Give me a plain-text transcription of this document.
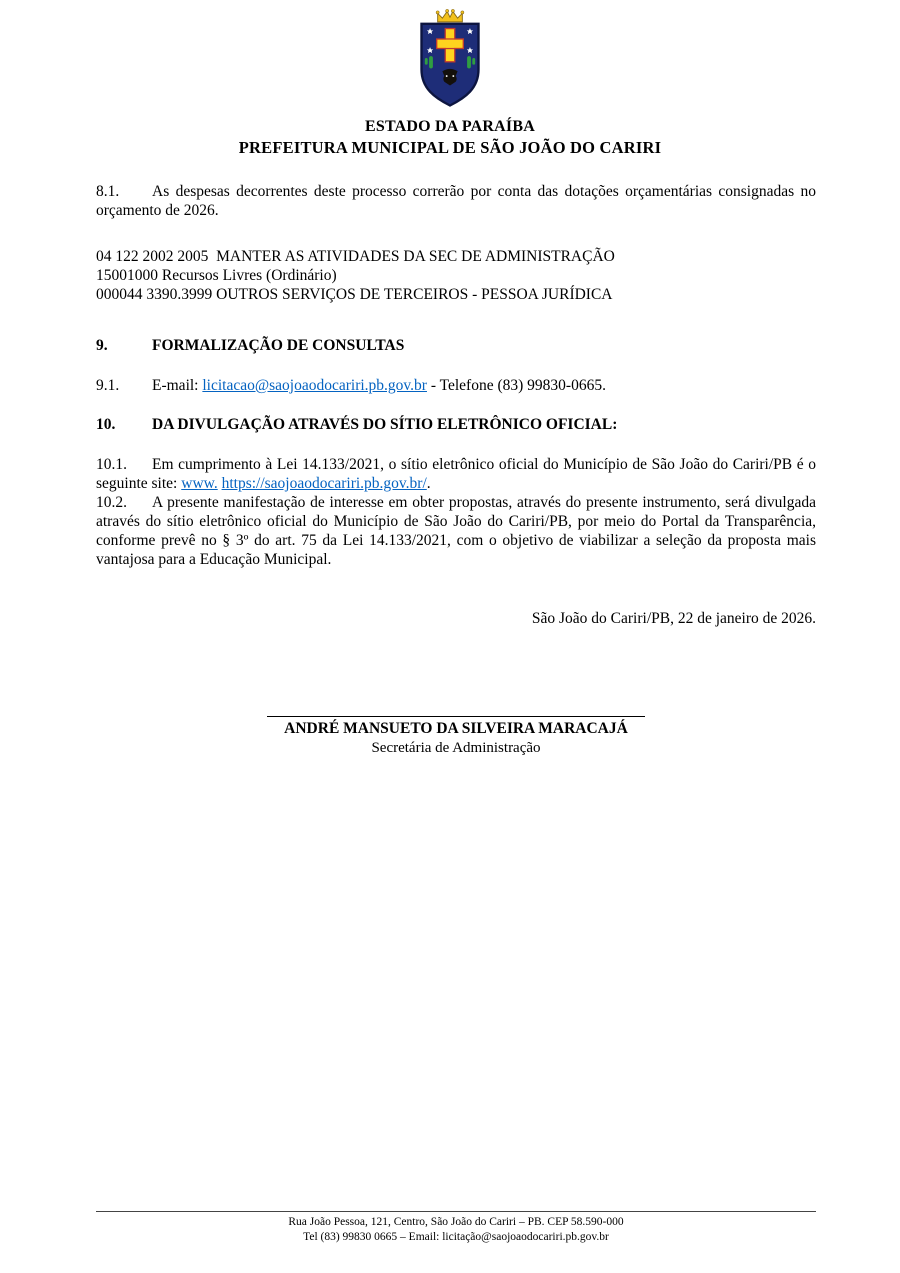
ESTADO DA PARAÍBA
PREFEITURA MUNICIPAL DE SÃO JOÃO DO CARIRI

8.1. As despesas decorrentes deste processo correrão por conta das dotações orçamentárias consignadas no orçamento de 2026.

04 122 2002 2005  MANTER AS ATIVIDADES DA SEC DE ADMINISTRAÇÃO
15001000 Recursos Livres (Ordinário)
000044 3390.3999 OUTROS SERVIÇOS DE TERCEIROS - PESSOA JURÍDICA

9.	FORMALIZAÇÃO DE CONSULTAS

9.1. E-mail: licitacao@saojoaodocariri.pb.gov.br - Telefone (83) 99830-0665.

10. DA DIVULGAÇÃO ATRAVÉS DO SÍTIO ELETRÔNICO OFICIAL:

10.1. Em cumprimento à Lei 14.133/2021, o sítio eletrônico oficial do Município de São João do Cariri/PB é o seguinte site: www. https://saojoaodocariri.pb.gov.br/.

10.2. A presente manifestação de interesse em obter propostas, através do presente instrumento, será divulgada através do sítio eletrônico oficial do Município de São João do Cariri/PB, por meio do Portal da Transparência, conforme prevê no § 3º do art. 75 da Lei 14.133/2021, com o objetivo de viabilizar a seleção da proposta mais vantajosa para a Educação Municipal.

São João do Cariri/PB, 22 de janeiro de 2026.

ANDRÉ MANSUETO DA SILVEIRA MARACAJÁ
Secretária de Administração
Rua João Pessoa, 121, Centro, São João do Cariri – PB. CEP 58.590-000
Tel (83) 99830 0665 – Email: licitação@saojoaodocariri.pb.gov.br
